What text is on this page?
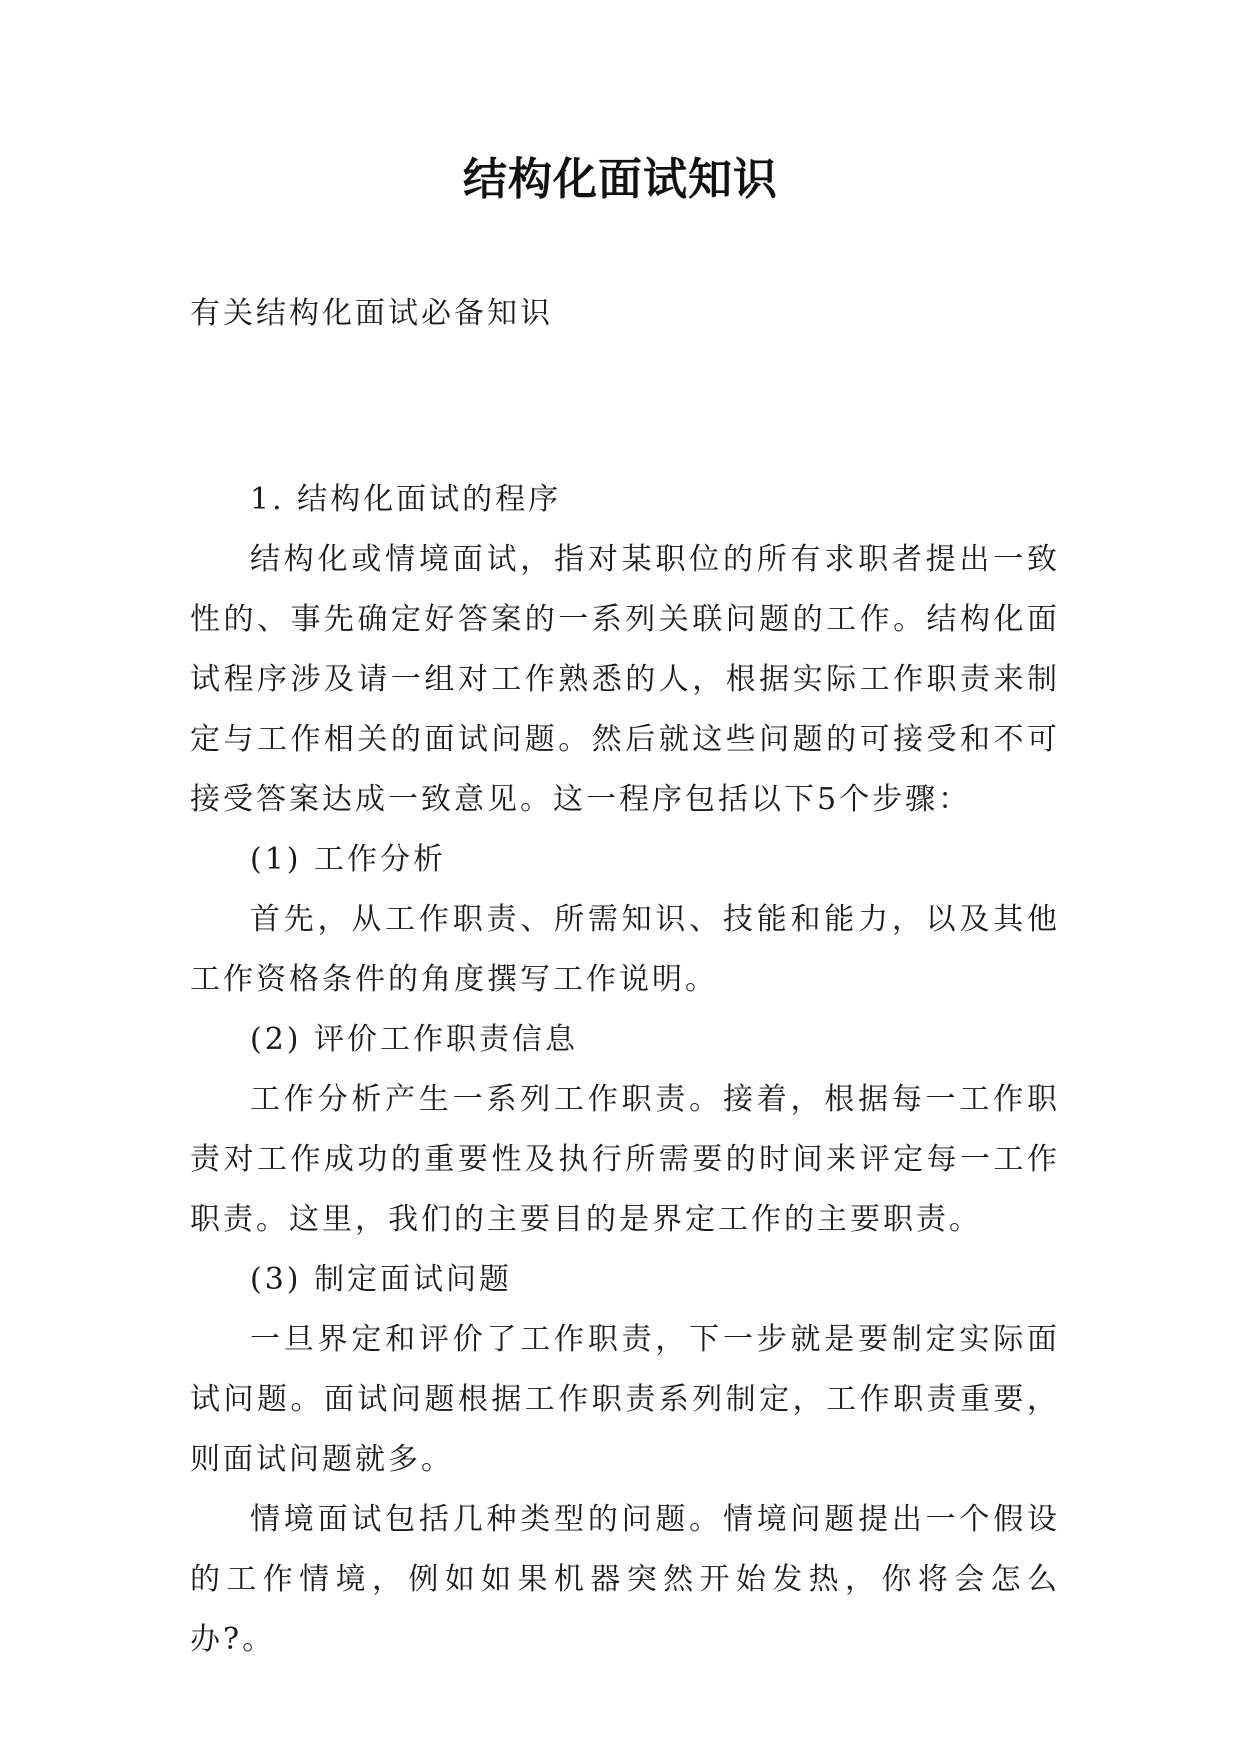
结构化面试知识

有关结构化面试必备知识

1. 结构化面试的程序

结构化或情境面试，指对某职位的所有求职者提出一致性的、事先确定好答案的一系列关联问题的工作。结构化面试程序涉及请一组对工作熟悉的人，根据实际工作职责来制定与工作相关的面试问题。然后就这些问题的可接受和不可接受答案达成一致意见。这一程序包括以下5个步骤：

(1) 工作分析

首先，从工作职责、所需知识、技能和能力，以及其他工作资格条件的角度撰写工作说明。

(2) 评价工作职责信息

工作分析产生一系列工作职责。接着，根据每一工作职责对工作成功的重要性及执行所需要的时间来评定每一工作职责。这里，我们的主要目的是界定工作的主要职责。

(3) 制定面试问题

一旦界定和评价了工作职责，下一步就是要制定实际面试问题。面试问题根据工作职责系列制定，工作职责重要，则面试问题就多。

情境面试包括几种类型的问题。情境问题提出一个假设的工作情境，例如如果机器突然开始发热，你将会怎么办?。
